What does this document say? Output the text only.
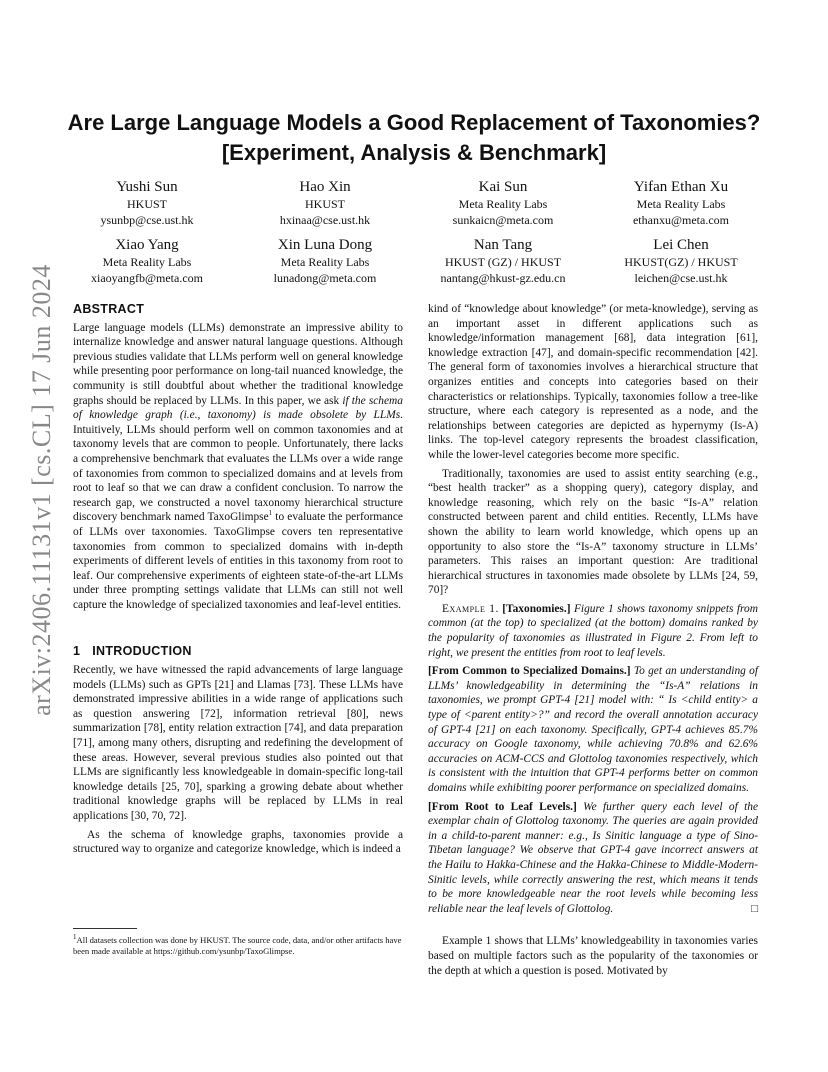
arXiv:2406.11131v1 [cs.CL] 17 Jun 2024
Are Large Language Models a Good Replacement of Taxonomies?
[Experiment, Analysis & Benchmark]
Yushi Sun
HKUST
ysunbp@cse.ust.hk
Hao Xin
HKUST
hxinaa@cse.ust.hk
Kai Sun
Meta Reality Labs
sunkaicn@meta.com
Yifan Ethan Xu
Meta Reality Labs
ethanxu@meta.com
Xiao Yang
Meta Reality Labs
xiaoyangfb@meta.com
Xin Luna Dong
Meta Reality Labs
lunadong@meta.com
Nan Tang
HKUST (GZ) / HKUST
nantang@hkust-gz.edu.cn
Lei Chen
HKUST(GZ) / HKUST
leichen@cse.ust.hk
ABSTRACT

Large language models (LLMs) demonstrate an impressive ability to internalize knowledge and answer natural language questions. Although previous studies validate that LLMs perform well on general knowledge while presenting poor performance on long-tail nuanced knowledge, the community is still doubtful about whether the traditional knowledge graphs should be replaced by LLMs. In this paper, we ask if the schema of knowledge graph (i.e., taxonomy) is made obsolete by LLMs. Intuitively, LLMs should perform well on common taxonomies and at taxonomy levels that are common to people. Unfortunately, there lacks a comprehensive benchmark that evaluates the LLMs over a wide range of taxonomies from common to specialized domains and at levels from root to leaf so that we can draw a confident conclusion. To narrow the research gap, we constructed a novel taxonomy hierarchical structure discovery benchmark named TaxoGlimpse$^1$ to evaluate the performance of LLMs over taxonomies. TaxoGlimpse covers ten representative taxonomies from common to specialized domains with in-depth experiments of different levels of entities in this taxonomy from root to leaf. Our comprehensive experiments of eighteen state-of-the-art LLMs under three prompting settings validate that LLMs can still not well capture the knowledge of specialized taxonomies and leaf-level entities.

1 INTRODUCTION

Recently, we have witnessed the rapid advancements of large language models (LLMs) such as GPTs [21] and Llamas [73]. These LLMs have demonstrated impressive abilities in a wide range of applications such as question answering [72], information retrieval [80], news summarization [78], entity relation extraction [74], and data preparation [71], among many others, disrupting and redefining the development of these areas. However, several previous studies also pointed out that LLMs are significantly less knowledgeable in domain-specific long-tail knowledge details [25, 70], sparking a growing debate about whether traditional knowledge graphs will be replaced by LLMs in real applications [30, 70, 72].

As the schema of knowledge graphs, taxonomies provide a structured way to organize and categorize knowledge, which is indeed a

$^1$All datasets collection was done by HKUST. The source code, data, and/or other artifacts have been made available at https://github.com/ysunbp/TaxoGlimpse.

kind of “knowledge about knowledge” (or meta-knowledge), serving as an important asset in different applications such as knowledge/information management [68], data integration [61], knowledge extraction [47], and domain-specific recommendation [42]. The general form of taxonomies involves a hierarchical structure that organizes entities and concepts into categories based on their characteristics or relationships. Typically, taxonomies follow a tree-like structure, where each category is represented as a node, and the relationships between categories are depicted as hypernymy (Is-A) links. The top-level category represents the broadest classification, while the lower-level categories become more specific.

Traditionally, taxonomies are used to assist entity searching (e.g., “best health tracker” as a shopping query), category display, and knowledge reasoning, which rely on the basic “Is-A” relation constructed between parent and child entities. Recently, LLMs have shown the ability to learn world knowledge, which opens up an opportunity to also store the “Is-A” taxonomy structure in LLMs’ parameters. This raises an important question: Are traditional hierarchical structures in taxonomies made obsolete by LLMs [24, 59, 70]?

Example 1. [Taxonomies.] Figure 1 shows taxonomy snippets from common (at the top) to specialized (at the bottom) domains ranked by the popularity of taxonomies as illustrated in Figure 2. From left to right, we present the entities from root to leaf levels.

[From Common to Specialized Domains.] To get an understanding of LLMs’ knowledgeability in determining the “Is-A” relations in taxonomies, we prompt GPT-4 [21] model with: “ Is <child entity> a type of <parent entity>?” and record the overall annotation accuracy of GPT-4 [21] on each taxonomy. Specifically, GPT-4 achieves 85.7% accuracy on Google taxonomy, while achieving 70.8% and 62.6% accuracies on ACM-CCS and Glottolog taxonomies respectively, which is consistent with the intuition that GPT-4 performs better on common domains while exhibiting poorer performance on specialized domains.

[From Root to Leaf Levels.] We further query each level of the exemplar chain of Glottolog taxonomy. The queries are again provided in a child-to-parent manner: e.g., Is Sinitic language a type of Sino-Tibetan language? We observe that GPT-4 gave incorrect answers at the Hailu to Hakka-Chinese and the Hakka-Chinese to Middle-Modern-Sinitic levels, while correctly answering the rest, which means it tends to be more knowledgeable near the root levels while becoming less reliable near the leaf levels of Glottolog.	□

Example 1 shows that LLMs’ knowledgeability in taxonomies varies based on multiple factors such as the popularity of the taxonomies or the depth at which a question is posed. Motivated by
